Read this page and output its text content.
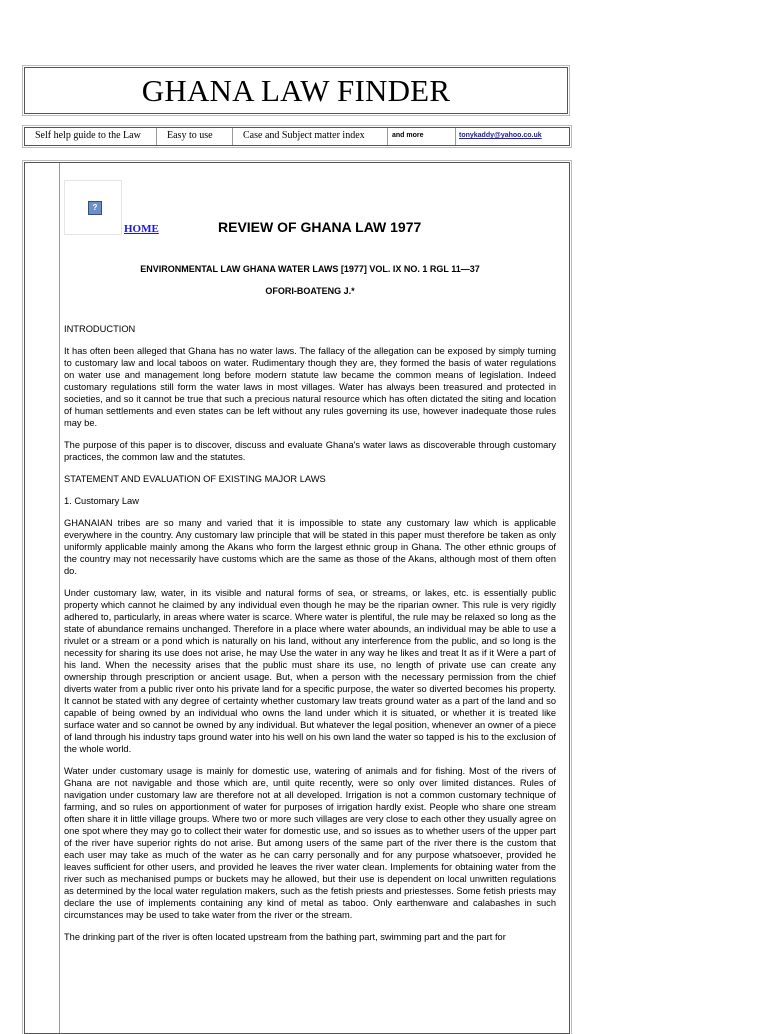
GHANA LAW FINDER
Self help guide to the Law	Easy to use	Case and Subject matter index	and more	tonykaddy@yahoo.co.uk
?
HOME	REVIEW OF GHANA LAW 1977
ENVIRONMENTAL LAW GHANA WATER LAWS [1977] VOL. IX NO. 1 RGL 11—37
OFORI-BOATENG J.*

INTRODUCTION

It has often been alleged that Ghana has no water laws. The fallacy of the allegation can be exposed by simply turning to customary law and local taboos on water. Rudimentary though they are, they formed the basis of water regulations on water use and management long before modern statute law became the common means of legislation. Indeed customary regulations still form the water laws in most villages. Water has always been treasured and protected in societies, and so it cannot be true that such a precious natural resource which has often dictated the siting and location of human settlements and even states can be left without any rules governing its use, however inadequate those rules may be.

The purpose of this paper is to discover, discuss and evaluate Ghana's water laws as discoverable through customary practices, the common law and the statutes.

STATEMENT AND EVALUATION OF EXISTING MAJOR LAWS

1. Customary Law

GHANAIAN tribes are so many and varied that it is impossible to state any customary law which is applicable everywhere in the country. Any customary law principle that will be stated in this paper must therefore be taken as only uniformly applicable mainly among the Akans who form the largest ethnic group in Ghana. The other ethnic groups of the country may not necessarily have customs which are the same as those of the Akans, although most of them often do.

Under customary law, water, in its visible and natural forms of sea, or streams, or lakes, etc. is essentially public property which cannot he claimed by any individual even though he may be the riparian owner. This rule is very rigidly adhered to, particularly, in areas where water is scarce. Where water is plentiful, the rule may be relaxed so long as the state of abundance remains unchanged. Therefore in a place where water abounds, an individual may be able to use a rivulet or a stream or a pond which is naturally on his land, without any interference from the public, and so long is the necessity for sharing its use does not arise, he may Use the water in any way he likes and treat It as if it Were a part of his land. When the necessity arises that the public must share its use, no length of private use can create any ownership through prescription or ancient usage. But, when a person with the necessary permission from the chief diverts water from a public river onto his private land for a specific purpose, the water so diverted becomes his property. It cannot be stated with any degree of certainty whether customary law treats ground water as a part of the land and so capable of being owned by an individual who owns the land under which it is situated, or whether it is treated like surface water and so cannot be owned by any individual. But whatever the legal position, whenever an owner of a piece of land through his industry taps ground water into his well on his own land the water so tapped is his to the exclusion of the whole world.

Water under customary usage is mainly for domestic use, watering of animals and for fishing. Most of the rivers of Ghana are not navigable and those which are, until quite recently, were so only over limited distances. Rules of navigation under customary law are therefore not at all developed. Irrigation is not a common customary technique of farming, and so rules on apportionment of water for purposes of irrigation hardly exist. People who share one stream often share it in little village groups. Where two or more such villages are very close to each other they usually agree on one spot where they may go to collect their water for domestic use, and so issues as to whether users of the upper part of the river have superior rights do not arise. But among users of the same part of the river there is the custom that each user may take as much of the water as he can carry personally and for any purpose whatsoever, provided he leaves sufficient for other users, and provided he leaves the river water clean. Implements for obtaining water from the river such as mechanised pumps or buckets may he allowed, but their use is dependent on local unwritten regulations as determined by the local water regulation makers, such as the fetish priests and priestesses. Some fetish priests may declare the use of implements containing any kind of metal as taboo. Only earthenware and calabashes in such circumstances may be used to take water from the river or the stream.

The drinking part of the river is often located upstream from the bathing part, swimming part and the part for
